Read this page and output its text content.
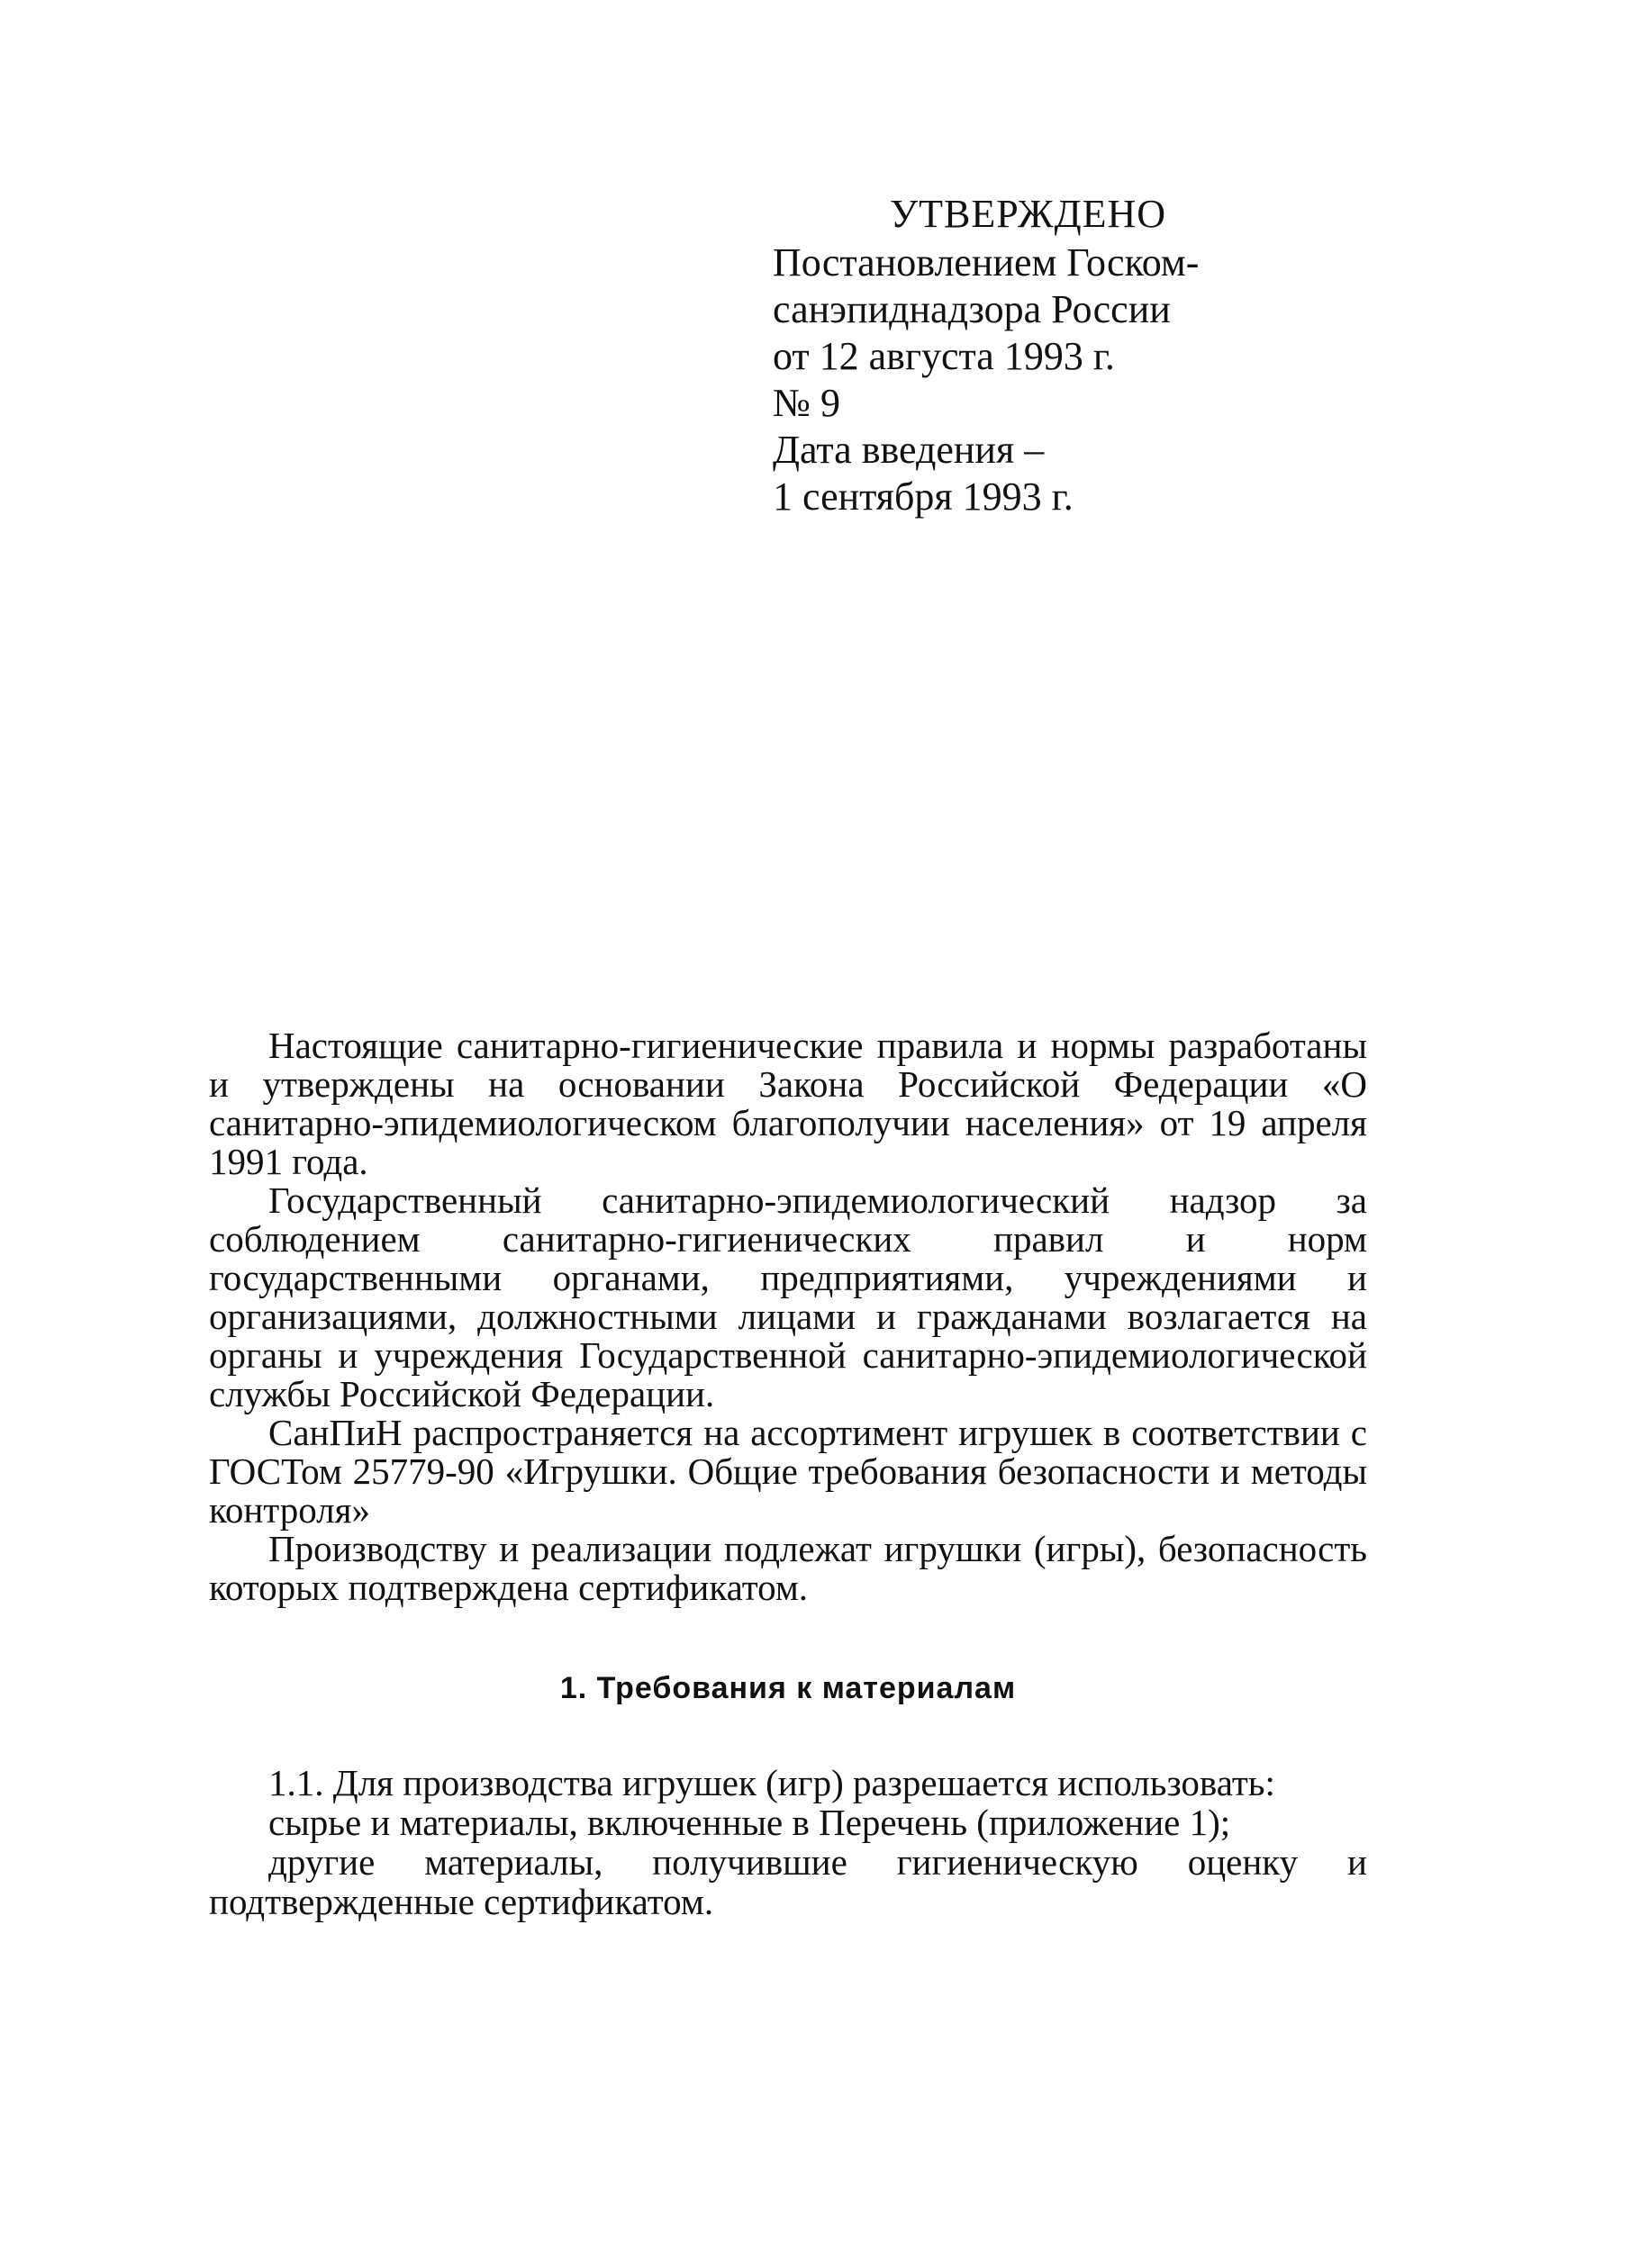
УТВЕРЖДЕНО
Постановлением Госком-
санэпиднадзора России
от 12 августа 1993 г.
№ 9
Дата введения –
1 сентября 1993 г.

Настоящие санитарно-гигиенические правила и нормы разработаны и утверждены на основании Закона Российской Федерации «О санитарно-эпидемиологическом благополучии населения» от 19 апреля 1991 года.

Государственный санитарно-эпидемиологический надзор за соблюдением санитарно-гигиенических правил и норм государственными органами, предприятиями, учреждениями и организациями, должностными лицами и гражданами возлагается на органы и учреждения Государственной санитарно-эпидемиологической службы Российской Федерации.

СанПиН распространяется на ассортимент игрушек в соответствии с ГОСТом 25779-90 «Игрушки. Общие требования безопасности и методы контроля»

Производству и реализации подлежат игрушки (игры), безопасность которых подтверждена сертификатом.

1. Требования к материалам

1.1. Для производства игрушек (игр) разрешается использовать:

сырье и материалы, включенные в Перечень (приложение 1);

другие материалы, получившие гигиеническую оценку и подтвержденные сертификатом.
